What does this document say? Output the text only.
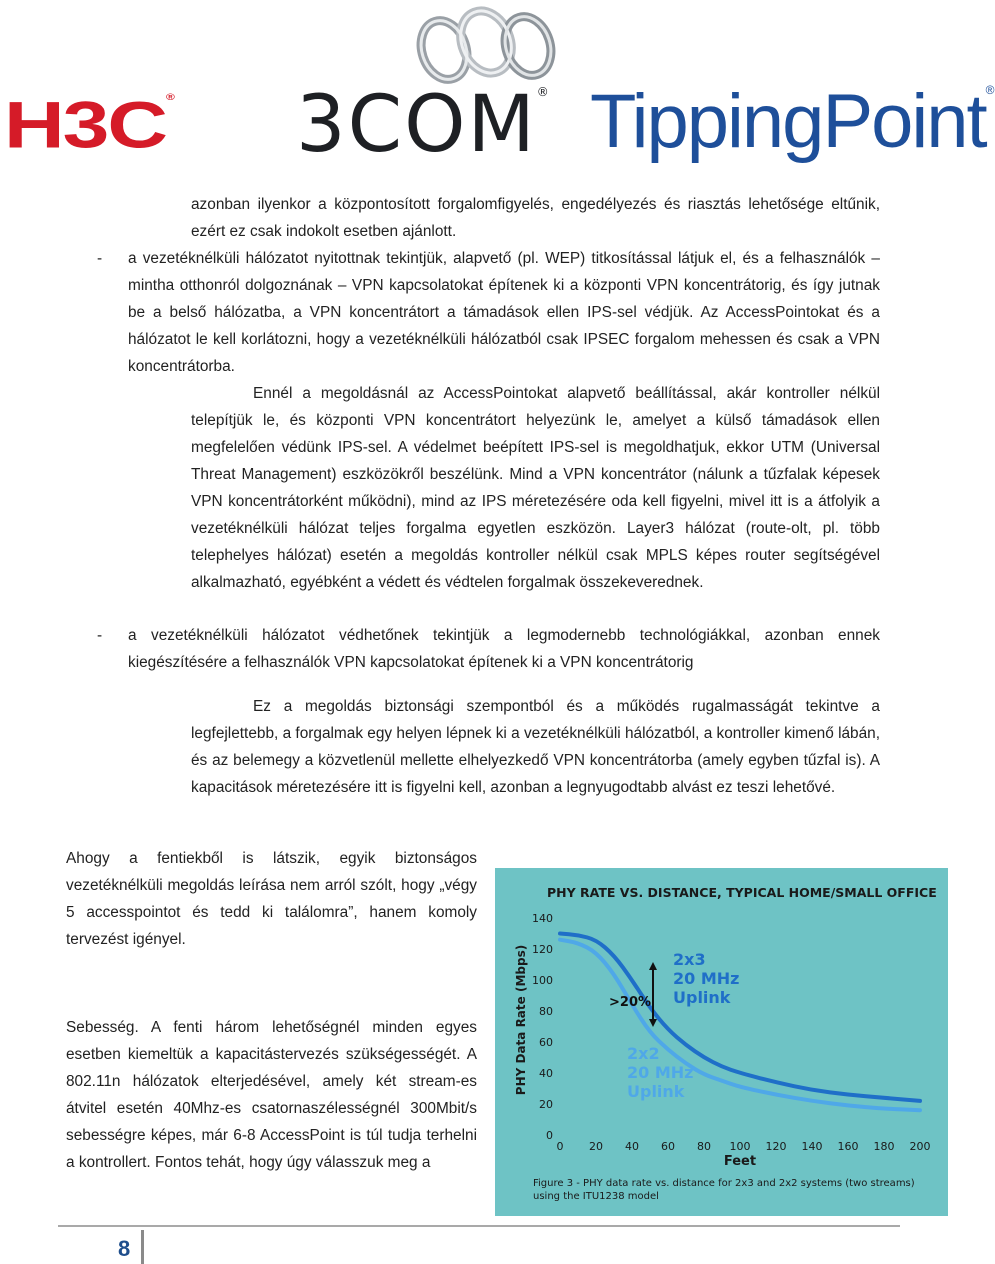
H3C® 3COM® TippingPoint®

azonban ilyenkor a központosított forgalomfigyelés, engedélyezés és riasztás lehetősége eltűnik, ezért ez csak indokolt esetben ajánlott.

- a vezetéknélküli hálózatot nyitottnak tekintjük, alapvető (pl. WEP) titkosítással látjuk el, és a felhasználók – mintha otthonról dolgoznának – VPN kapcsolatokat építenek ki a központi VPN koncentrátorig, és így jutnak be a belső hálózatba, a VPN koncentrátort a támadások ellen IPS-sel védjük. Az AccessPointokat és a hálózatot le kell korlátozni, hogy a vezetéknélküli hálózatból csak IPSEC forgalom mehessen és csak a VPN koncentrátorba.

Ennél a megoldásnál az AccessPointokat alapvető beállítással, akár kontroller nélkül telepítjük le, és központi VPN koncentrátort helyezünk le, amelyet a külső támadások ellen megfelelően védünk IPS-sel. A védelmet beépített IPS-sel is megoldhatjuk, ekkor UTM (Universal Threat Management) eszközökről beszélünk. Mind a VPN koncentrátor (nálunk a tűzfalak képesek VPN koncentrátorként működni), mind az IPS méretezésére oda kell figyelni, mivel itt is a átfolyik a vezetéknélküli hálózat teljes forgalma egyetlen eszközön. Layer3 hálózat (route-olt, pl. több telephelyes hálózat) esetén a megoldás kontroller nélkül csak MPLS képes router segítségével alkalmazható, egyébként a védett és védtelen forgalmak összekeverednek.

- a vezetéknélküli hálózatot védhetőnek tekintjük a legmodernebb technológiákkal, azonban ennek kiegészítésére a felhasználók VPN kapcsolatokat építenek ki a VPN koncentrátorig

Ez a megoldás biztonsági szempontból és a működés rugalmasságát tekintve a legfejlettebb, a forgalmak egy helyen lépnek ki a vezetéknélküli hálózatból, a kontroller kimenő lábán, és az belemegy a közvetlenül mellette elhelyezkedő VPN koncentrátorba (amely egyben tűzfal is). A kapacitások méretezésére itt is figyelni kell, azonban a legnyugodtabb alvást ez teszi lehetővé.

Ahogy a fentiekből is látszik, egyik biztonságos vezetéknélküli megoldás leírása nem arról szólt, hogy „végy 5 accesspointot és tedd ki találomra”, hanem komoly tervezést igényel.

Sebesség. A fenti három lehetőségnél minden egyes esetben kiemeltük a kapacitástervezés szükségességét. A 802.11n hálózatok elterjedésével, amely két stream-es átvitel esetén 40Mhz-es csatornaszélességnél 300Mbit/s sebességre képes, már 6-8 AccessPoint is túl tudja terhelni a kontrollert. Fontos tehát, hogy úgy válasszuk meg a

PHY RATE VS. DISTANCE, TYPICAL HOME/SMALL OFFICE
PHY Data Rate (Mbps)
Feet
0
20
40
60
80
100
120
140
0 20 40 60 80 100 120 140 160 180 200
>20%
2x3 20 MHz Uplink
2x2 20 MHz Uplink
Figure 3 - PHY data rate vs. distance for 2x3 and 2x2 systems (two streams) using the ITU1238 model
8
